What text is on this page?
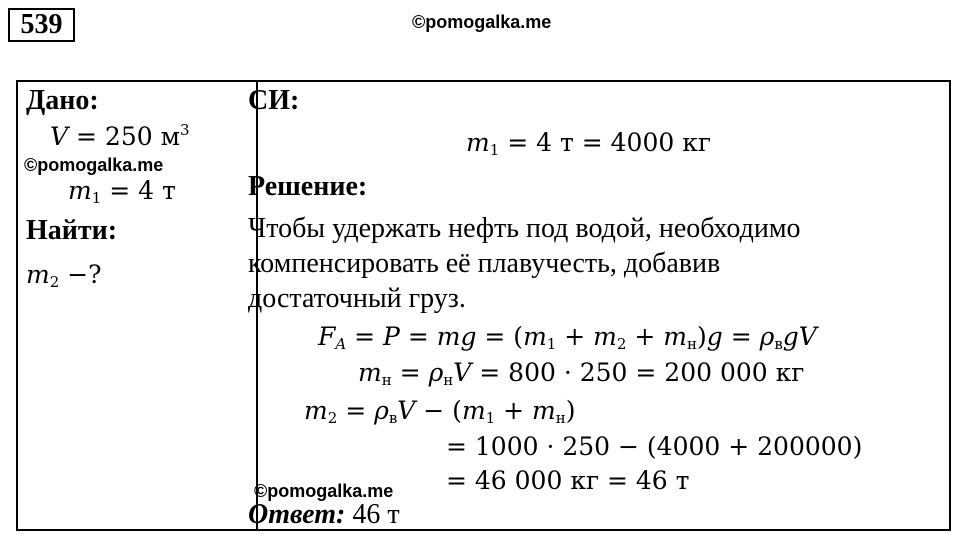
539	©pomogalka.me
Дано:
V = 250 $м^3$
©pomogalka.me
$m_1 = 4$ т
Найти:
$m_2$ −?
СИ:
$m_1 = 4$ т = 4000 кг
Решение:
Чтобы удержать нефть под водой, необходимо
компенсировать её плавучесть, добавив
достаточный груз.
$F_A = P$ = mg = $(m_1 + m_2 + m_н)g = \rho_вgV$
$m_н = \rho_нV = 800 \cdot 250 = 200$ 000 кг
$m_2 = \rho_вV - (m_1 + m_н)$
= 1000 · 250 − (4000 + 200000)
= 46 000 кг = 46 т
©pomogalka.me
Ответ: 46 т
